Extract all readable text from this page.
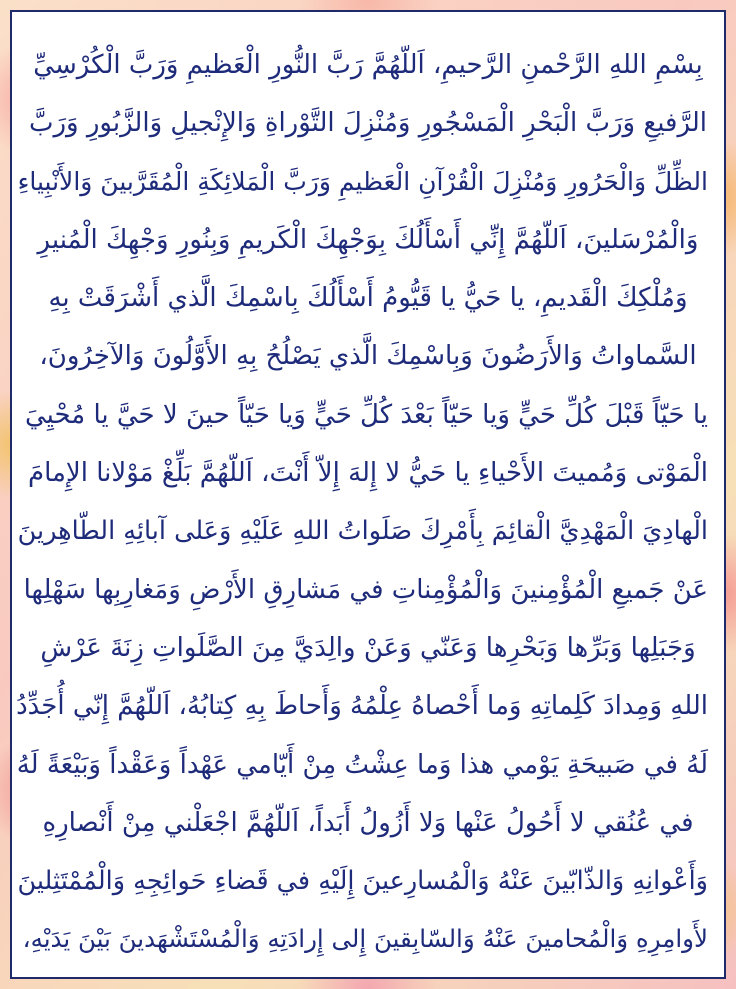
بِسْمِ اللهِ الرَّحْمنِ الرَّحيمِ، اَللّهُمَّ رَبَّ النُّورِ الْعَظيمِ وَرَبَّ الْكُرْسِيِّ
الرَّفيعِ وَرَبَّ الْبَحْرِ الْمَسْجُورِ وَمُنْزِلَ التَّوْراةِ وَالإِنْجيلِ وَالزَّبُورِ وَرَبَّ
الظِّلِّ وَالْحَرُورِ وَمُنْزِلَ الْقُرْآنِ الْعَظيمِ وَرَبَّ الْمَلائِكَةِ الْمُقَرَّبينَ وَالأَنْبِياءِ
وَالْمُرْسَلينَ، اَللّهُمَّ إِنِّي أَسْأَلُكَ بِوَجْهِكَ الْكَريمِ وَبِنُورِ وَجْهِكَ الْمُنيرِ
وَمُلْكِكَ الْقَديمِ، يا حَيُّ يا قَيُّومُ أَسْأَلُكَ بِاسْمِكَ الَّذي أَشْرَقَتْ بِهِ
السَّماواتُ وَالأَرَضُونَ وَبِاسْمِكَ الَّذي يَصْلُحُ بِهِ الأَوَّلُونَ وَالآخِرُونَ،
يا حَيّاً قَبْلَ كُلِّ حَيٍّ وَيا حَيّاً بَعْدَ كُلِّ حَيٍّ وَيا حَيّاً حينَ لا حَيَّ يا مُحْيِيَ
الْمَوْتى وَمُميتَ الأَحْياءِ يا حَيُّ لا إِلهَ إِلاّ أَنْتَ، اَللّهُمَّ بَلِّغْ مَوْلانا الإِمامَ
الْهادِيَ الْمَهْدِيَّ الْقائِمَ بِأَمْرِكَ صَلَواتُ اللهِ عَلَيْهِ وَعَلى آبائِهِ الطّاهِرينَ
عَنْ جَميعِ الْمُؤْمِنينَ وَالْمُؤْمِناتِ في مَشارِقِ الأَرْضِ وَمَغارِبِها سَهْلِها
وَجَبَلِها وَبَرِّها وَبَحْرِها وَعَنّي وَعَنْ والِدَيَّ مِنَ الصَّلَواتِ زِنَةَ عَرْشِ
اللهِ وَمِدادَ كَلِماتِهِ وَما أَحْصاهُ عِلْمُهُ وَأَحاطَ بِهِ كِتابُهُ، اَللّهُمَّ إِنّي أُجَدِّدُ
لَهُ في صَبيحَةِ يَوْمي هذا وَما عِشْتُ مِنْ أَيّامي عَهْداً وَعَقْداً وَبَيْعَةً لَهُ
في عُنُقي لا أَحُولُ عَنْها وَلا أَزُولُ أَبَداً، اَللّهُمَّ اجْعَلْني مِنْ أَنْصارِهِ
وَأَعْوانِهِ وَالذّابّينَ عَنْهُ وَالْمُسارِعينَ إِلَيْهِ في قَضاءِ حَوائِجِهِ وَالْمُمْتَثِلينَ
لأَوامِرِهِ وَالْمُحامينَ عَنْهُ وَالسّابِقينَ إِلى إِرادَتِهِ وَالْمُسْتَشْهَدينَ بَيْنَ يَدَيْهِ،
